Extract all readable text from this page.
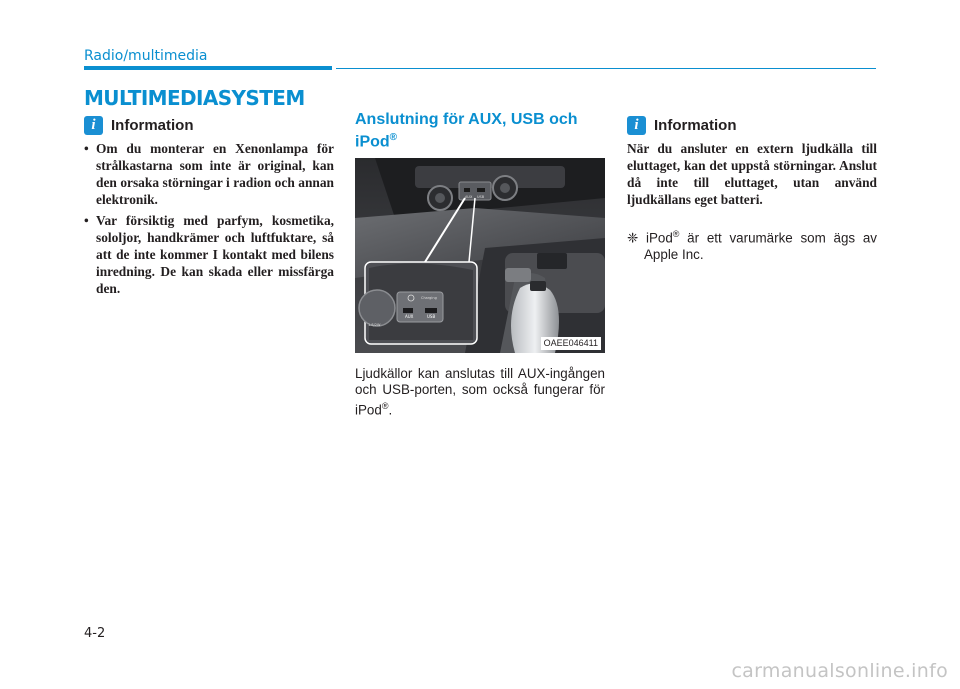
Radio/multimedia
MULTIMEDIASYSTEM
i	Information
• Om du monterar en Xenonlampa för strålkastarna som inte är original, kan den orsaka störningar i radion och annan elektronik.
• Var försiktig med parfym, kosmetika, sololjor, handkrämer och luftfuktare, så att de inte kommer I kontakt med bilens inredning. De kan skada eller missfärga den.
Anslutning för AUX, USB och iPod®
AUX USB
1.8/2W
Charging
AUX	USB
OAEE046411

Ljudkällor kan anslutas till AUX-ingången och USB-porten, som också fungerar för iPod®.

i	Information

När du ansluter en extern ljudkälla till eluttaget, kan det uppstå störningar. Anslut då inte till eluttaget, utan använd ljudkällans eget batteri.

❈ iPod® är ett varumärke som ägs av Apple Inc.

4-2
carmanualsonline.info
